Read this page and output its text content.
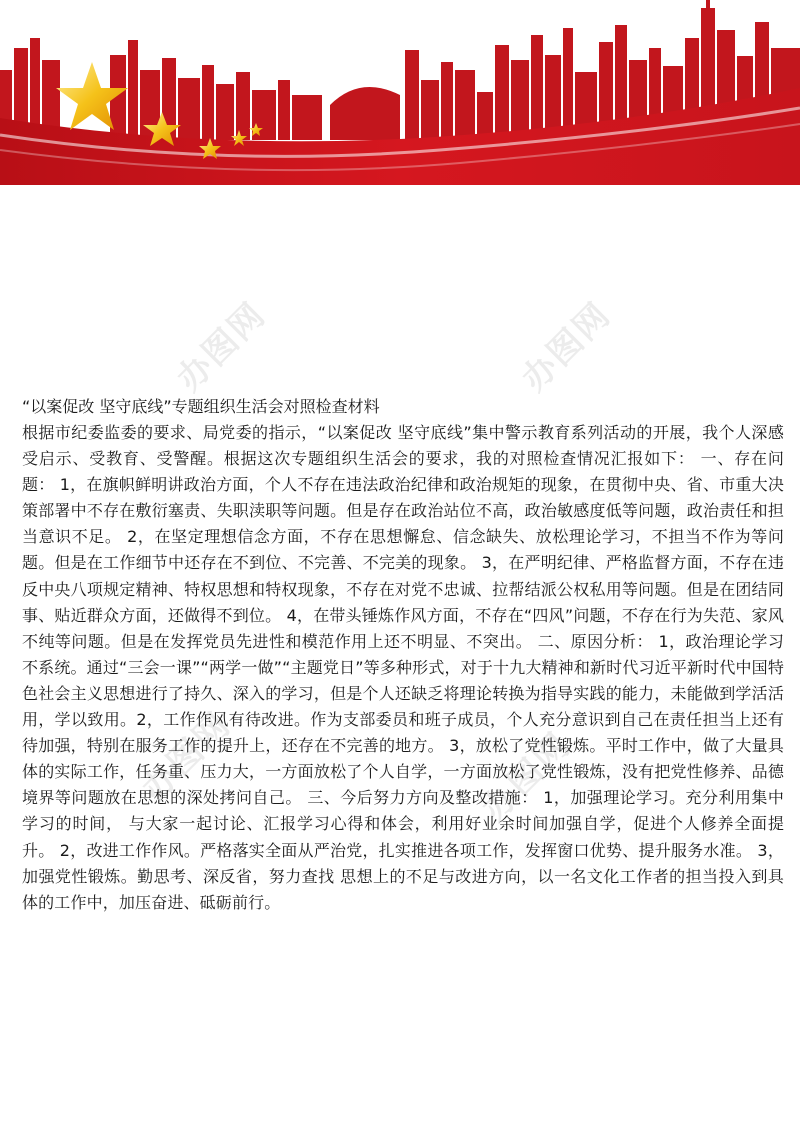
办图网	办图网
办图网	办图网
“以案促改 坚守底线”专题组织生活会对照检查材料

根据市纪委监委的要求、局党委的指示，“以案促改 坚守底线”集中警示教育系列活动的开展，我个人深感受启示、受教育、受警醒。根据这次专题组织生活会的要求，我的对照检查情况汇报如下： 一、存在问题： 1，在旗帜鲜明讲政治方面，个人不存在违法政治纪律和政治规矩的现象，在贯彻中央、省、市重大决策部署中不存在敷衍塞责、失职渎职等问题。但是存在政治站位不高，政治敏感度低等问题，政治责任和担当意识不足。 2，在坚定理想信念方面，不存在思想懈怠、信念缺失、放松理论学习，不担当不作为等问题。但是在工作细节中还存在不到位、不完善、不完美的现象。 3，在严明纪律、严格监督方面，不存在违反中央八项规定精神、特权思想和特权现象，不存在对党不忠诚、拉帮结派公权私用等问题。但是在团结同事、贴近群众方面，还做得不到位。 4，在带头锤炼作风方面，不存在“四风”问题，不存在行为失范、家风不纯等问题。但是在发挥党员先进性和模范作用上还不明显、不突出。 二、原因分析： 1，政治理论学习不系统。通过“三会一课”“两学一做”“主题党日”等多种形式，对于十九大精神和新时代习近平新时代中国特色社会主义思想进行了持久、深入的学习，但是个人还缺乏将理论转换为指导实践的能力，未能做到学活活用，学以致用。2，工作作风有待改进。作为支部委员和班子成员，个人充分意识到自己在责任担当上还有待加强，特别在服务工作的提升上，还存在不完善的地方。 3，放松了党性锻炼。平时工作中，做了大量具体的实际工作，任务重、压力大，一方面放松了个人自学，一方面放松了党性锻炼，没有把党性修养、品德境界等问题放在思想的深处拷问自己。 三、今后努力方向及整改措施： 1，加强理论学习。充分利用集中学习的时间， 与大家一起讨论、汇报学习心得和体会，利用好业余时间加强自学，促进个人修养全面提升。 2，改进工作作风。严格落实全面从严治党，扎实推进各项工作，发挥窗口优势、提升服务水准。 3，加强党性锻炼。勤思考、深反省，努力查找 思想上的不足与改进方向，以一名文化工作者的担当投入到具体的工作中，加压奋进、砥砺前行。
